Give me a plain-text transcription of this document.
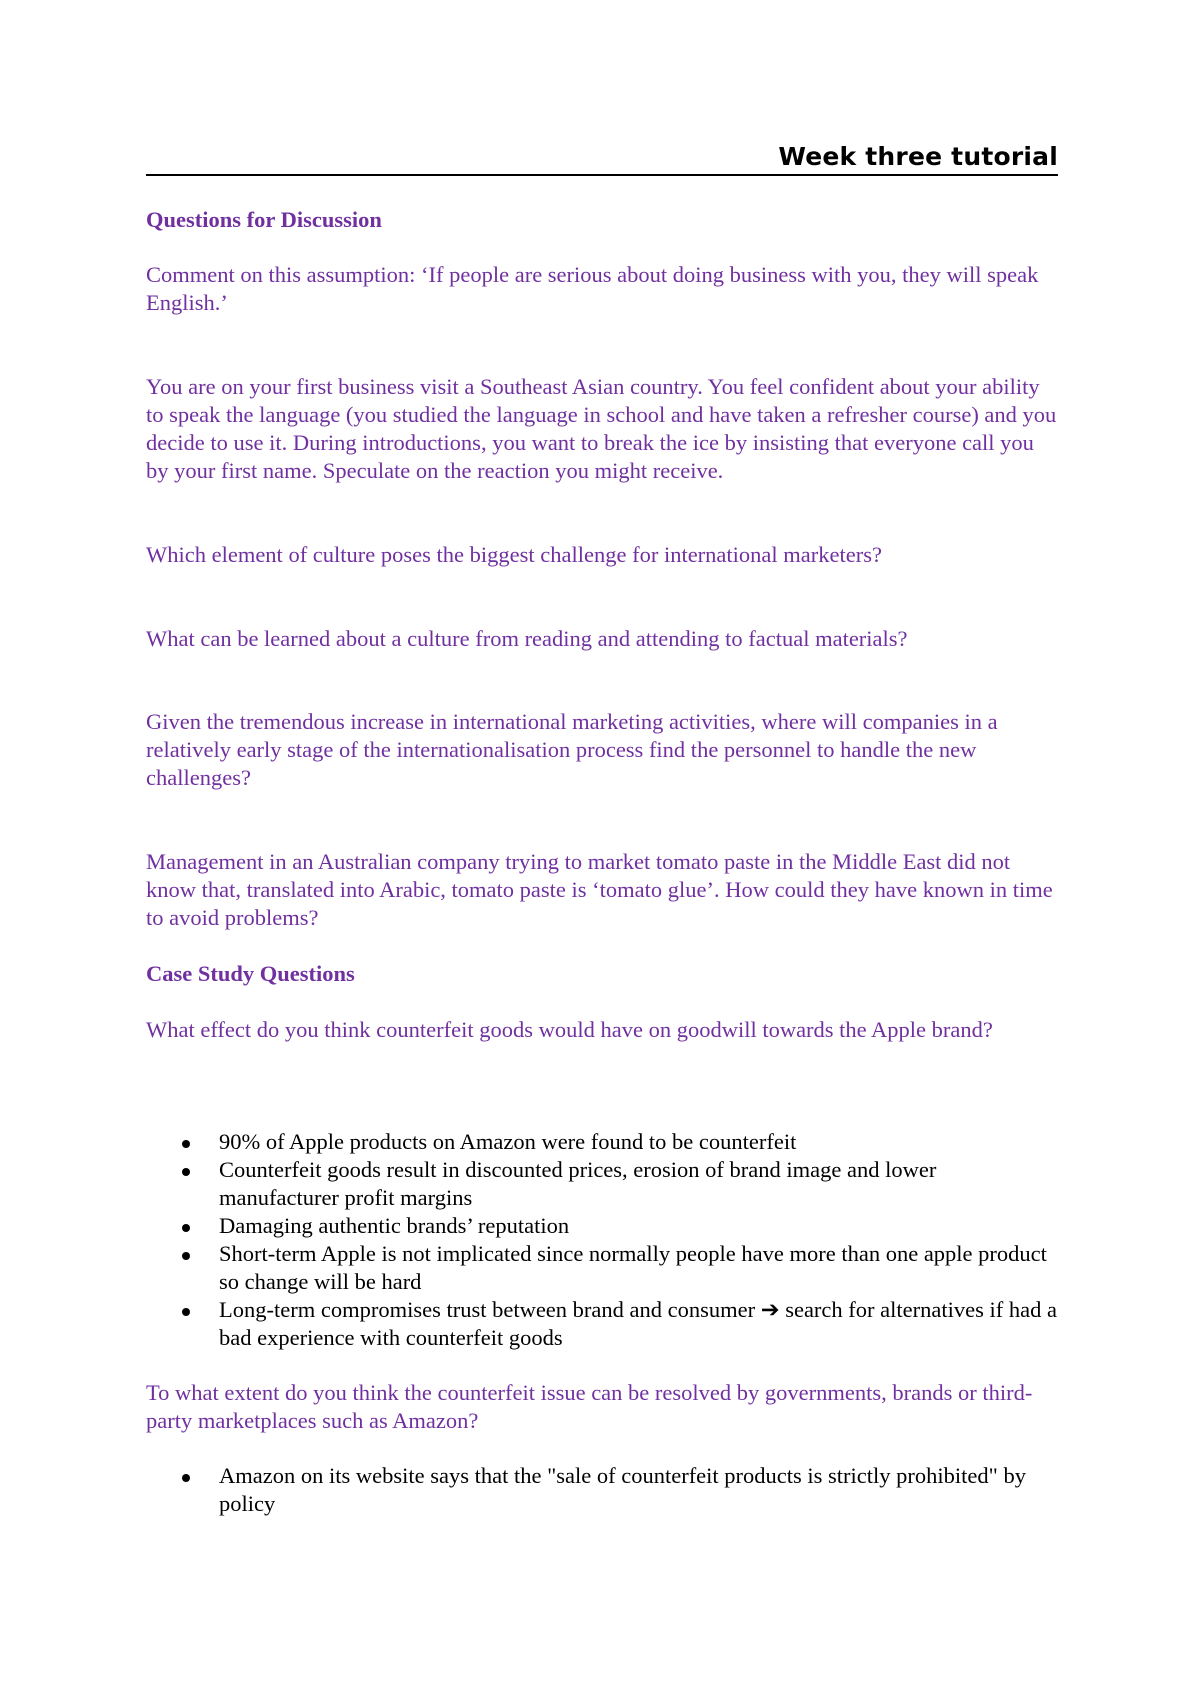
Week three tutorial

Questions for Discussion

Comment on this assumption: ‘If people are serious about doing business with you, they will speak English.’

You are on your first business visit a Southeast Asian country. You feel confident about your ability to speak the language (you studied the language in school and have taken a refresher course) and you decide to use it. During introductions, you want to break the ice by insisting that everyone call you by your first name. Speculate on the reaction you might receive.

Which element of culture poses the biggest challenge for international marketers?

What can be learned about a culture from reading and attending to factual materials?

Given the tremendous increase in international marketing activities, where will companies in a relatively early stage of the internationalisation process find the personnel to handle the new challenges?

Management in an Australian company trying to market tomato paste in the Middle East did not know that, translated into Arabic, tomato paste is ‘tomato glue’. How could they have known in time to avoid problems?

Case Study Questions

What effect do you think counterfeit goods would have on goodwill towards the Apple brand?

90% of Apple products on Amazon were found to be counterfeit
Counterfeit goods result in discounted prices, erosion of brand image and lower manufacturer profit margins
Damaging authentic brands’ reputation
Short-term Apple is not implicated since normally people have more than one apple product so change will be hard
Long-term compromises trust between brand and consumer ➔ search for alternatives if had a bad experience with counterfeit goods

To what extent do you think the counterfeit issue can be resolved by governments, brands or third-party marketplaces such as Amazon?

Amazon on its website says that the "sale of counterfeit products is strictly prohibited" by policy
